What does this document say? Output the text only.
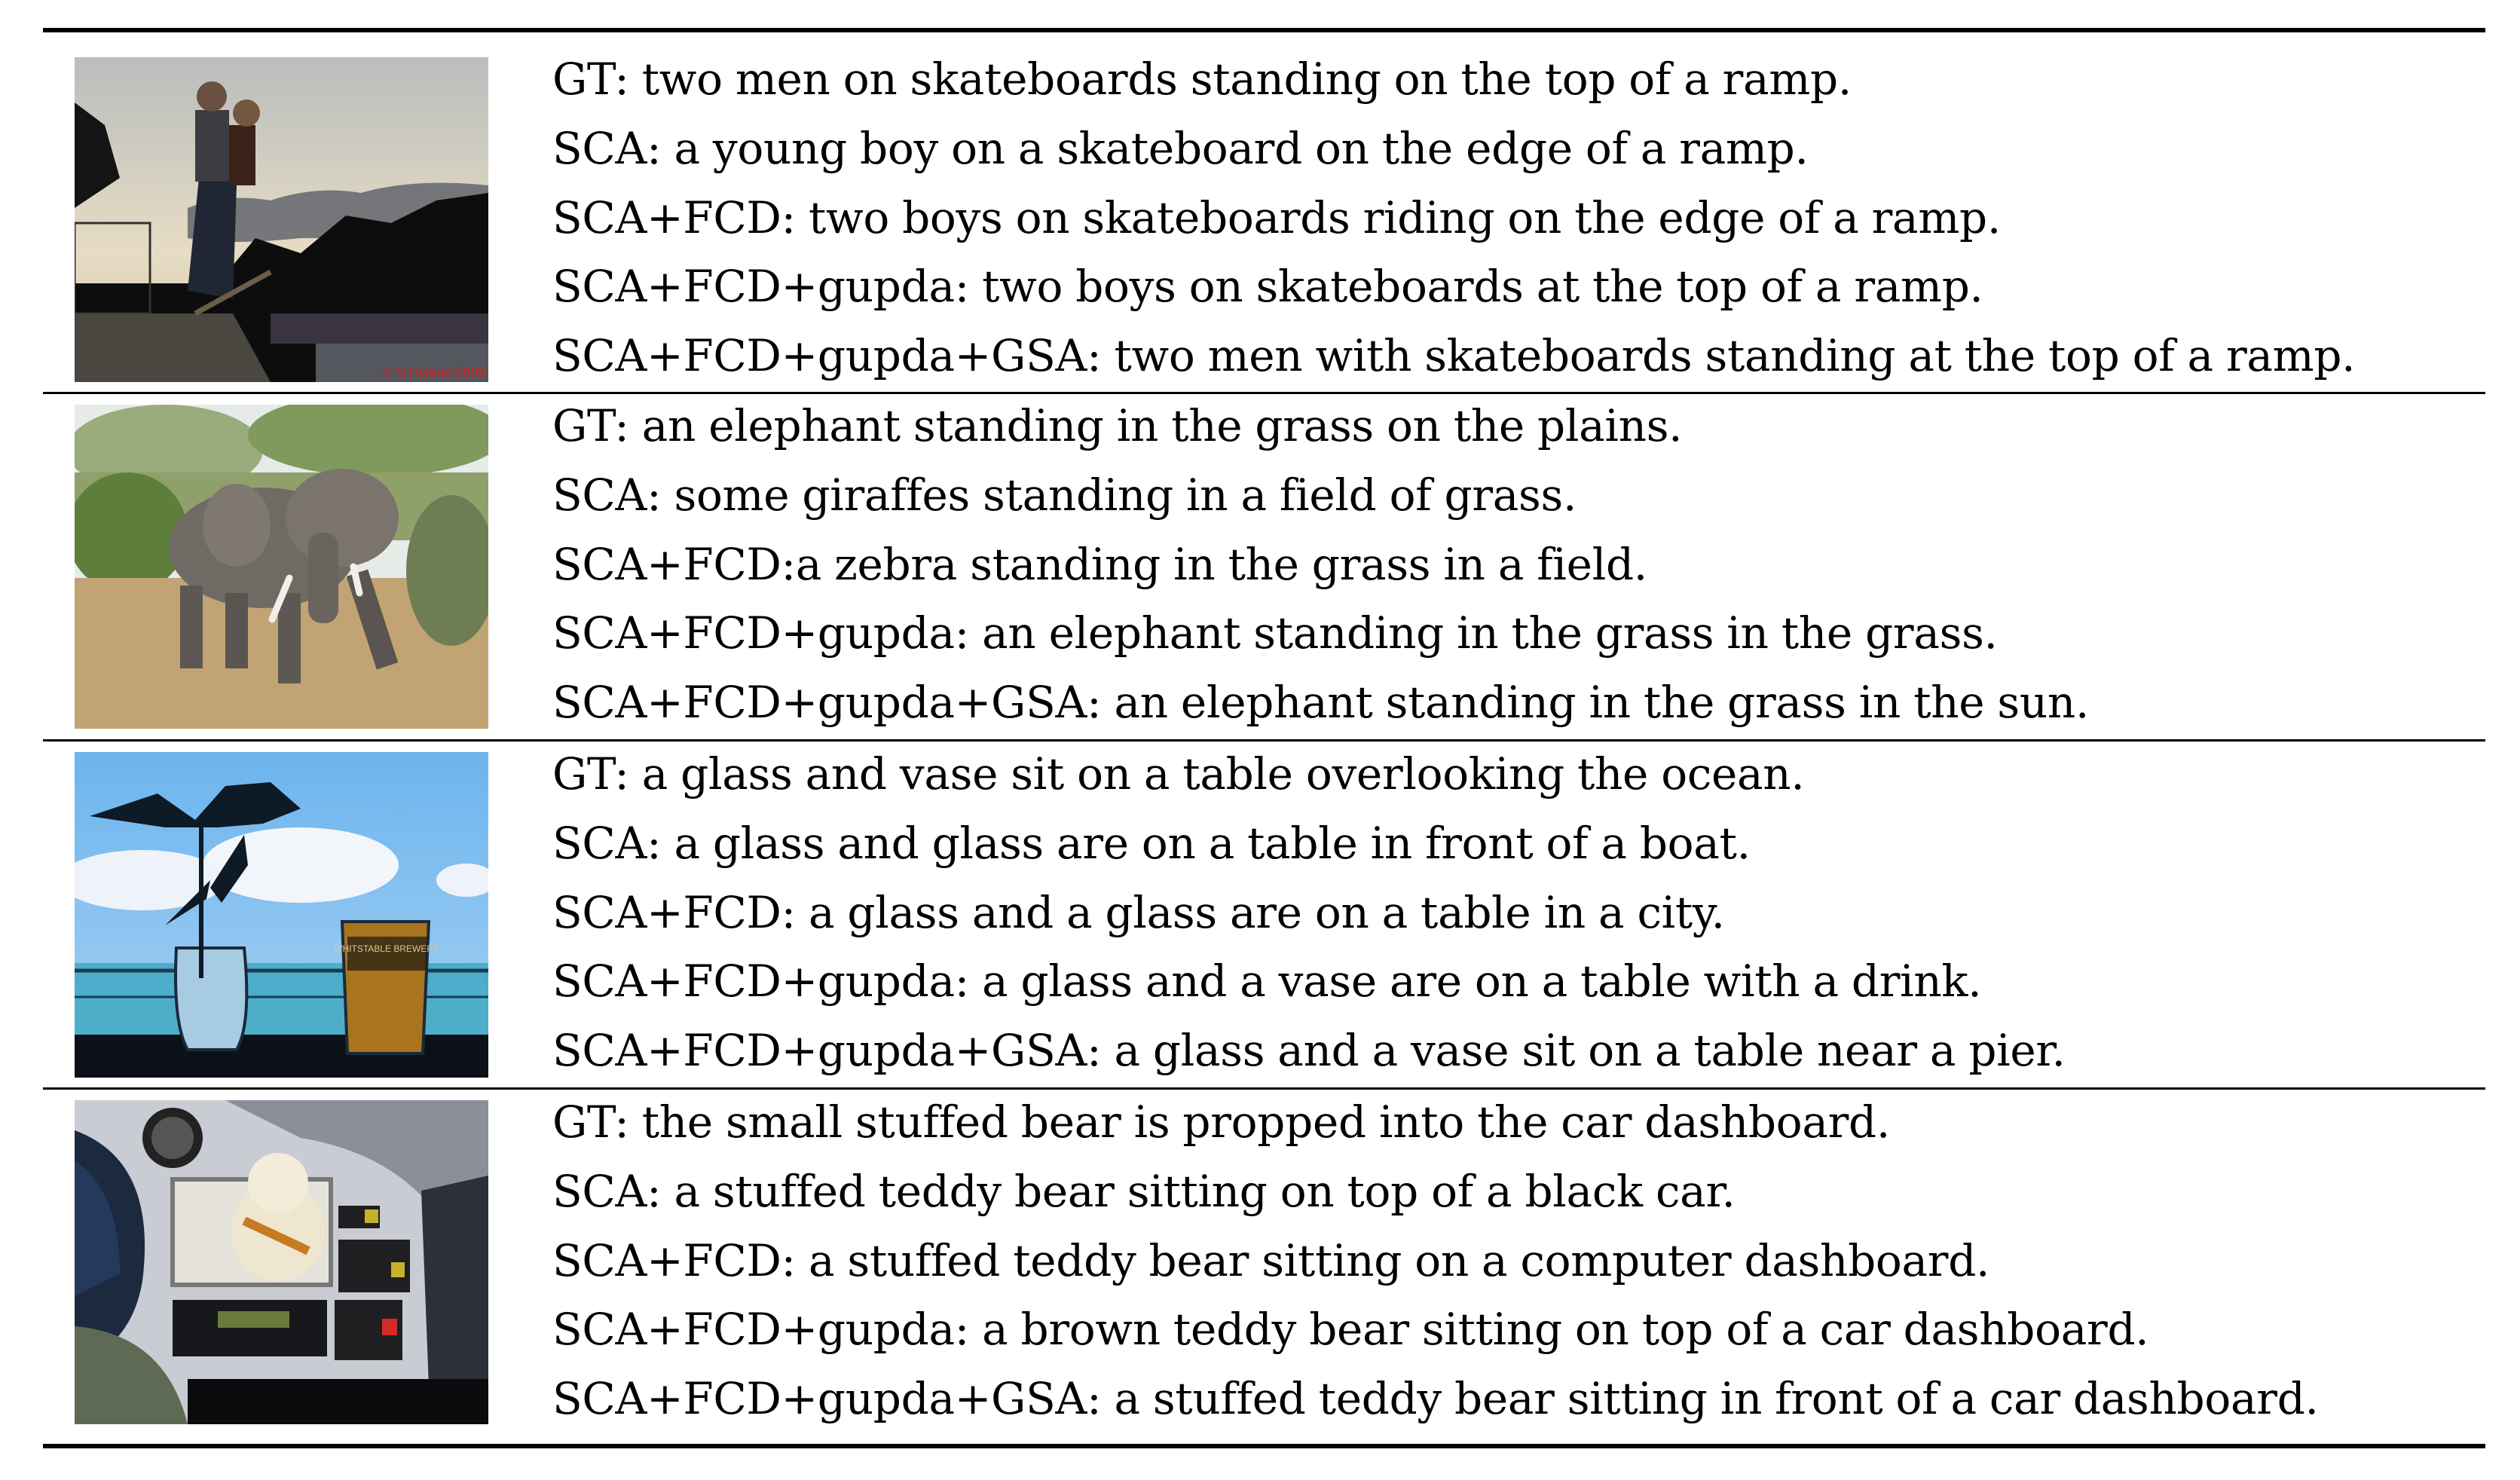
© S Hyland 2009
GT: two men on skateboards standing on the top of a ramp.
SCA: a young boy on a skateboard on the edge of a ramp.
SCA+FCD: two boys on skateboards riding on the edge of a ramp.
SCA+FCD+gupda: two boys on skateboards at the top of a ramp.
SCA+FCD+gupda+GSA: two men with skateboards standing at the top of a ramp.
GT: an elephant standing in the grass on the plains.
SCA: some giraffes standing in a field of grass.
SCA+FCD:a zebra standing in the grass in a field.
SCA+FCD+gupda: an elephant standing in the grass in the grass.
SCA+FCD+gupda+GSA: an elephant standing in the grass in the sun.
WHITSTABLE BREWERY
GT: a glass and vase sit on a table overlooking the ocean.
SCA: a glass and glass are on a table in front of a boat.
SCA+FCD: a glass and a glass are on a table in a city.
SCA+FCD+gupda: a glass and a vase are on a table with a drink.
SCA+FCD+gupda+GSA: a glass and a vase sit on a table near a pier.
GT: the small stuffed bear is propped into the car dashboard.
SCA: a stuffed teddy bear sitting on top of a black car.
SCA+FCD: a stuffed teddy bear sitting on a computer dashboard.
SCA+FCD+gupda: a brown teddy bear sitting on top of a car dashboard.
SCA+FCD+gupda+GSA: a stuffed teddy bear sitting in front of a car dashboard.
